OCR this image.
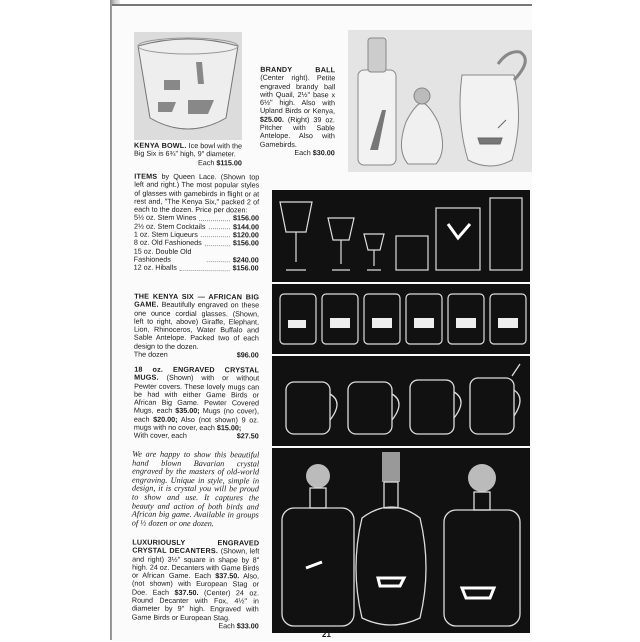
KENYA BOWL. Ice bowl with the Big Six is 6¾" high, 9" diameter.
Each $115.00
BRANDY BALL (Center right). Petite engraved brandy ball with Quail, 2½" base x 6½" high. Also with Upland Birds or Kenya, $25.00. (Right) 39 oz. Pitcher with Sable Antelope. Also with Gamebirds.
Each $30.00
ITEMS by Queen Lace. (Shown top left and right.) The most popular styles of glasses with gamebirds in flight or at rest and, "The Kenya Six," packed 2 of each to the dozen. Price per dozen:
5½ oz. Stem Wines	$156.00
2½ oz. Stem Cocktails	$144.00
1 oz. Stem Liqueurs	$120.00
8 oz. Old Fashioneds	$156.00
15 oz. Double Old Fashioneds	$240.00
12 oz. Hiballs	$156.00
THE KENYA SIX — AFRICAN BIG GAME. Beautifully engraved on these one ounce cordial glasses. (Shown, left to right, above) Giraffe, Elephant, Lion, Rhinoceros, Water Buffalo and Sable Antelope. Packed two of each design to the dozen.
The dozen	$96.00
18 oz. ENGRAVED CRYSTAL MUGS. (Shown) with or without Pewter covers. These lovely mugs can be had with either Game Birds or African Big Game. Pewter Covered Mugs, each $35.00; Mugs (no cover), each $20.00; Also (not shown) 9 oz. mugs with no cover, each $15.00;
With cover, each	$27.50
We are happy to show this beautiful hand blown Bavarian crystal engraved by the masters of old-world engraving. Unique in style, simple in design, it is crystal you will be proud to show and use. It captures the beauty and action of both birds and African big game. Available in groups of ½ dozen or one dozen.
LUXURIOUSLY ENGRAVED CRYSTAL DECANTERS. (Shown, left and right) 3½" square in shape by 8" high. 24 oz. Decanters with Game Birds or African Game. Each $37.50. Also, (not shown) with European Stag or Doe. Each $37.50. (Center) 24 oz. Round Decanter with Fox, 4½" in diameter by 9" high. Engraved with Game Birds or European Stag.
Each $33.00
21
